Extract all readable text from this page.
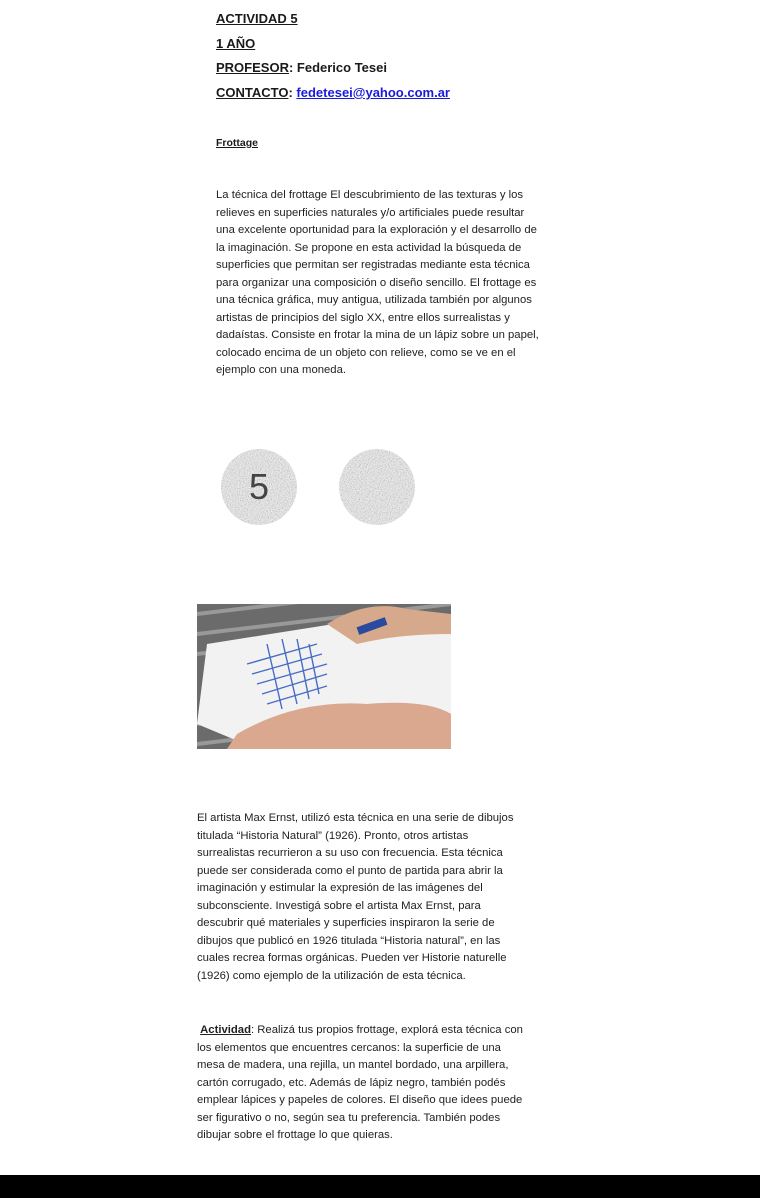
ACTIVIDAD 5
1 AÑO
PROFESOR: Federico Tesei
CONTACTO: fedetesei@yahoo.com.ar
Frottage
La técnica del frottage El descubrimiento de las texturas y los
relieves en superficies naturales y/o artificiales puede resultar
una excelente oportunidad para la exploración y el desarrollo de
la imaginación. Se propone en esta actividad la búsqueda de
superficies que permitan ser registradas mediante esta técnica
para organizar una composición o diseño sencillo. El frottage es
una técnica gráfica, muy antigua, utilizada también por algunos
artistas de principios del siglo XX, entre ellos surrealistas y
dadaístas. Consiste en frotar la mina de un lápiz sobre un papel,
colocado encima de un objeto con relieve, como se ve en el
ejemplo con una moneda.
5
El artista Max Ernst, utilizó esta técnica en una serie de dibujos
titulada “Historia Natural” (1926). Pronto, otros artistas
surrealistas recurrieron a su uso con frecuencia. Esta técnica
puede ser considerada como el punto de partida para abrir la
imaginación y estimular la expresión de las imágenes del
subconsciente. Investigá sobre el artista Max Ernst, para
descubrir qué materiales y superficies inspiraron la serie de
dibujos que publicó en 1926 titulada “Historia natural”, en las
cuales recrea formas orgánicas. Pueden ver Historie naturelle
(1926) como ejemplo de la utilización de esta técnica.
Actividad: Realizá tus propios frottage, explorá esta técnica con
los elementos que encuentres cercanos: la superficie de una
mesa de madera, una rejilla, un mantel bordado, una arpillera,
cartón corrugado, etc. Además de lápiz negro, también podés
emplear lápices y papeles de colores. El diseño que idees puede
ser figurativo o no, según sea tu preferencia. También podes
dibujar sobre el frottage lo que quieras.
